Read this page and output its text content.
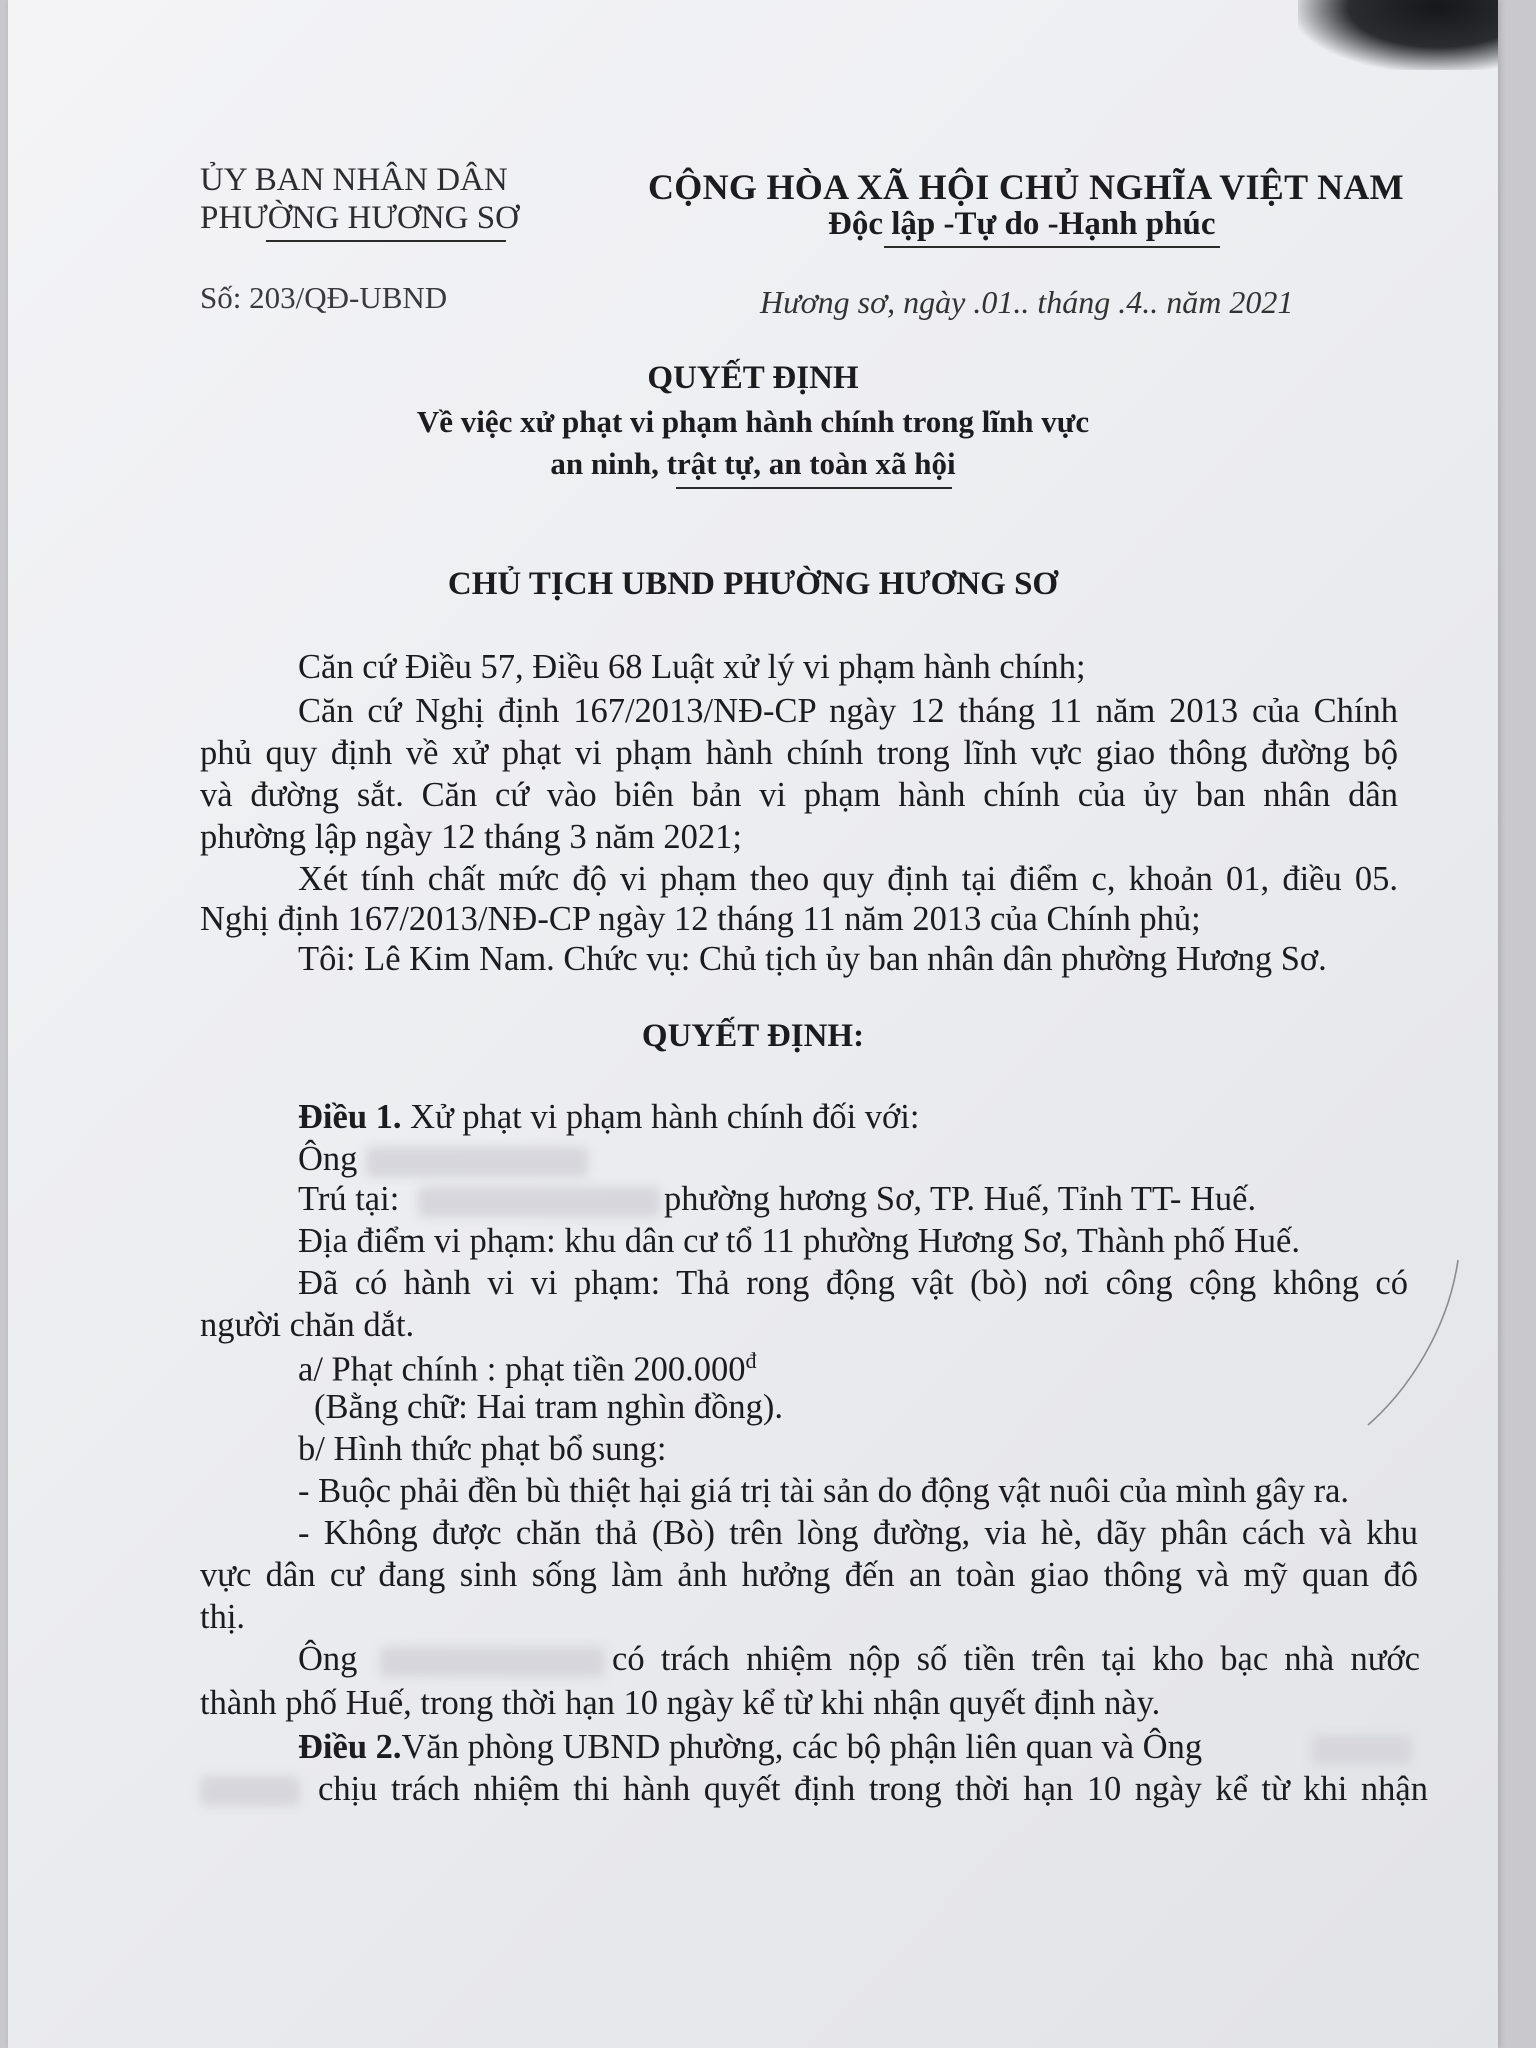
ỦY BAN NHÂN DÂN
PHƯỜNG HƯƠNG SƠ
CỘNG HÒA XÃ HỘI CHỦ NGHĨA VIỆT NAM
Độc lập -Tự do -Hạnh phúc
Số: 203/QĐ-UBND	Hương sơ, ngày .01.. tháng .4.. năm 2021
QUYẾT ĐỊNH
Về việc xử phạt vi phạm hành chính trong lĩnh vực
an ninh, trật tự, an toàn xã hội
CHỦ TỊCH UBND PHƯỜNG HƯƠNG SƠ
Căn cứ Điều 57, Điều 68 Luật xử lý vi phạm hành chính;
Căn cứ Nghị định 167/2013/NĐ-CP ngày 12 tháng 11 năm 2013 của Chính
phủ quy định về xử phạt vi phạm hành chính trong lĩnh vực giao thông đường bộ
và đường sắt. Căn cứ vào biên bản vi phạm hành chính của ủy ban nhân dân
phường lập ngày 12 tháng 3 năm 2021;
Xét tính chất mức độ vi phạm theo quy định tại điểm c, khoản 01, điều 05.
Nghị định 167/2013/NĐ-CP ngày 12 tháng 11 năm 2013 của Chính phủ;
Tôi: Lê Kim Nam. Chức vụ: Chủ tịch ủy ban nhân dân phường Hương Sơ.
QUYẾT ĐỊNH:
Điều 1. Xử phạt vi phạm hành chính đối với:
Ông
Trú tại:	phường hương Sơ, TP. Huế, Tỉnh TT- Huế.
Địa điểm vi phạm: khu dân cư tổ 11 phường Hương Sơ, Thành phố Huế.
Đã có hành vi vi phạm: Thả rong động vật (bò) nơi công cộng không có
người chăn dắt.
a/ Phạt chính : phạt tiền $200.000^đ$
(Bằng chữ: Hai tram nghìn đồng).
b/ Hình thức phạt bổ sung:
- Buộc phải đền bù thiệt hại giá trị tài sản do động vật nuôi của mình gây ra.
- Không được chăn thả (Bò) trên lòng đường, via hè, dãy phân cách và khu
vực dân cư đang sinh sống làm ảnh hưởng đến an toàn giao thông và mỹ quan đô
thị.
Ông	có trách nhiệm nộp số tiền trên tại kho bạc nhà nước
thành phố Huế, trong thời hạn 10 ngày kể từ khi nhận quyết định này.
Điều 2.Văn phòng UBND phường, các bộ phận liên quan và Ông
chịu trách nhiệm thi hành quyết định trong thời hạn 10 ngày kể từ khi nhận
